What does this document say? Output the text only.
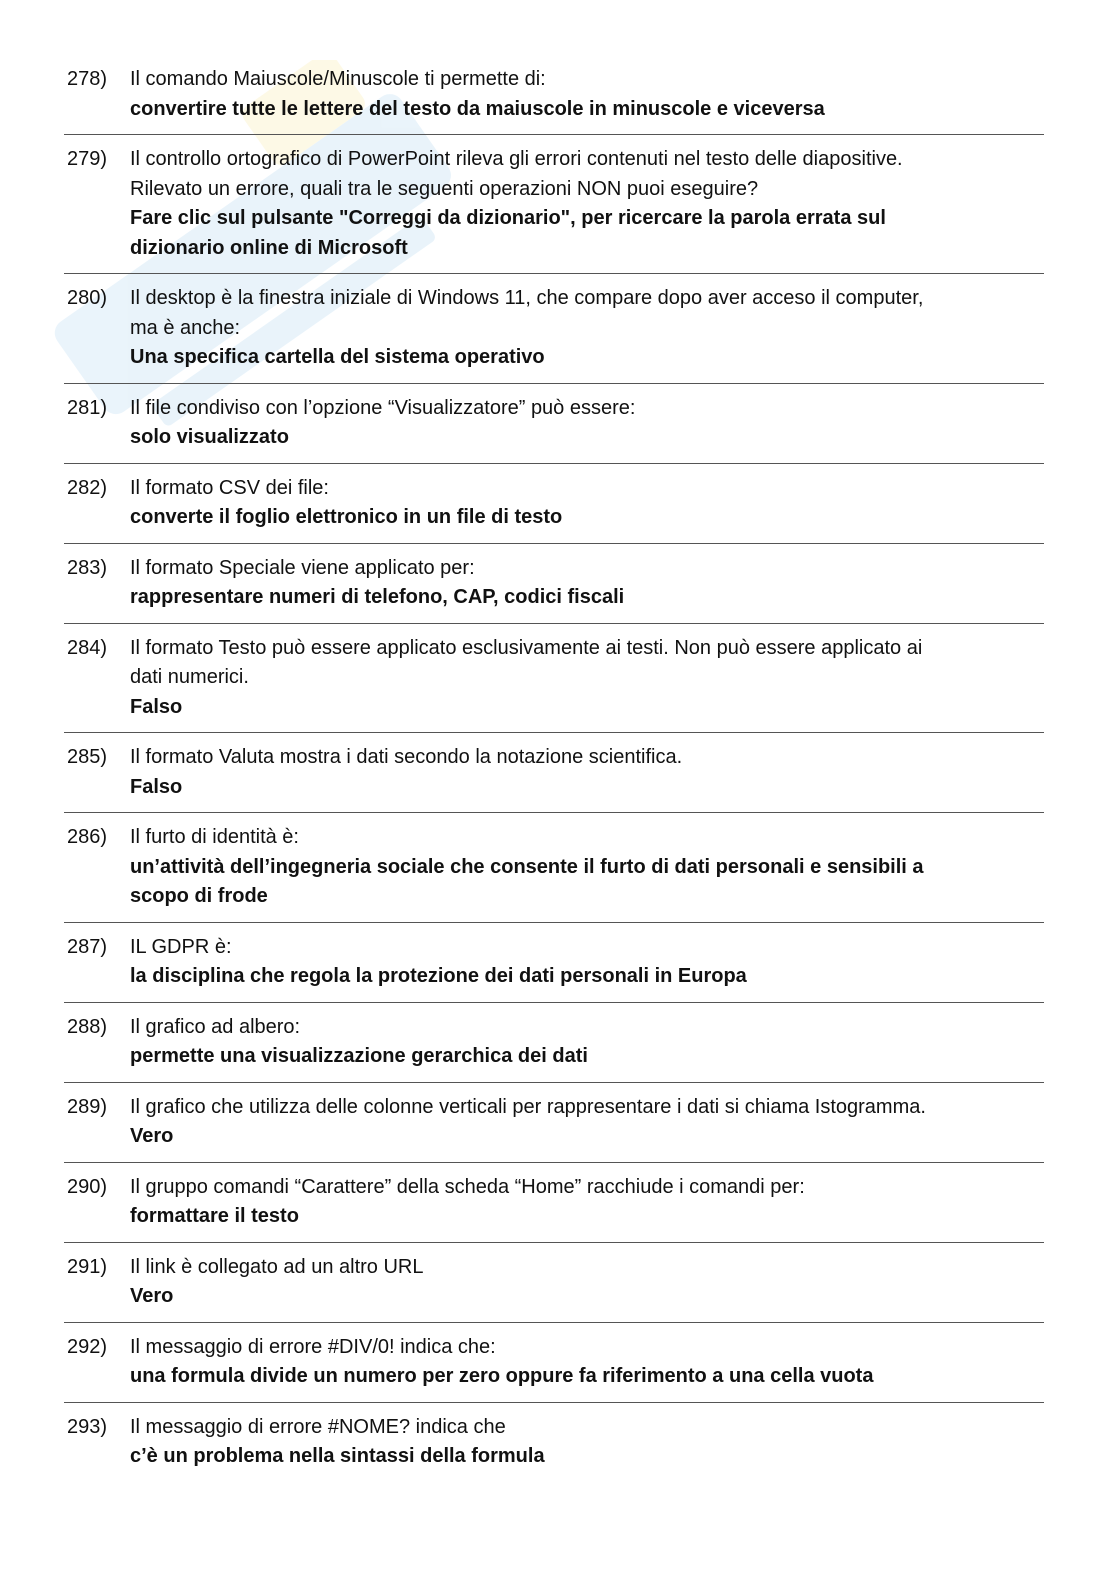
278) Il comando Maiuscole/Minuscole ti permette di:
convertire tutte le lettere del testo da maiuscole in minuscole e viceversa
279) Il controllo ortografico di PowerPoint rileva gli errori contenuti nel testo delle diapositive.
Rilevato un errore, quali tra le seguenti operazioni NON puoi eseguire?
Fare clic sul pulsante "Correggi da dizionario", per ricercare la parola errata sul
dizionario online di Microsoft
280) Il desktop è la finestra iniziale di Windows 11, che compare dopo aver acceso il computer,
ma è anche:
Una specifica cartella del sistema operativo
281) Il file condiviso con l’opzione “Visualizzatore” può essere:
solo visualizzato
282) Il formato CSV dei file:
converte il foglio elettronico in un file di testo
283) Il formato Speciale viene applicato per:
rappresentare numeri di telefono, CAP, codici fiscali
284) Il formato Testo può essere applicato esclusivamente ai testi. Non può essere applicato ai
dati numerici.
Falso
285) Il formato Valuta mostra i dati secondo la notazione scientifica.
Falso
286) Il furto di identità è:
un’attività dell’ingegneria sociale che consente il furto di dati personali e sensibili a
scopo di frode
287) IL GDPR è:
la disciplina che regola la protezione dei dati personali in Europa
288) Il grafico ad albero:
permette una visualizzazione gerarchica dei dati
289) Il grafico che utilizza delle colonne verticali per rappresentare i dati si chiama Istogramma.
Vero
290) Il gruppo comandi “Carattere” della scheda “Home” racchiude i comandi per:
formattare il testo
291) Il link è collegato ad un altro URL
Vero
292) Il messaggio di errore #DIV/0! indica che:
una formula divide un numero per zero oppure fa riferimento a una cella vuota
293) Il messaggio di errore #NOME? indica che
c’è un problema nella sintassi della formula
